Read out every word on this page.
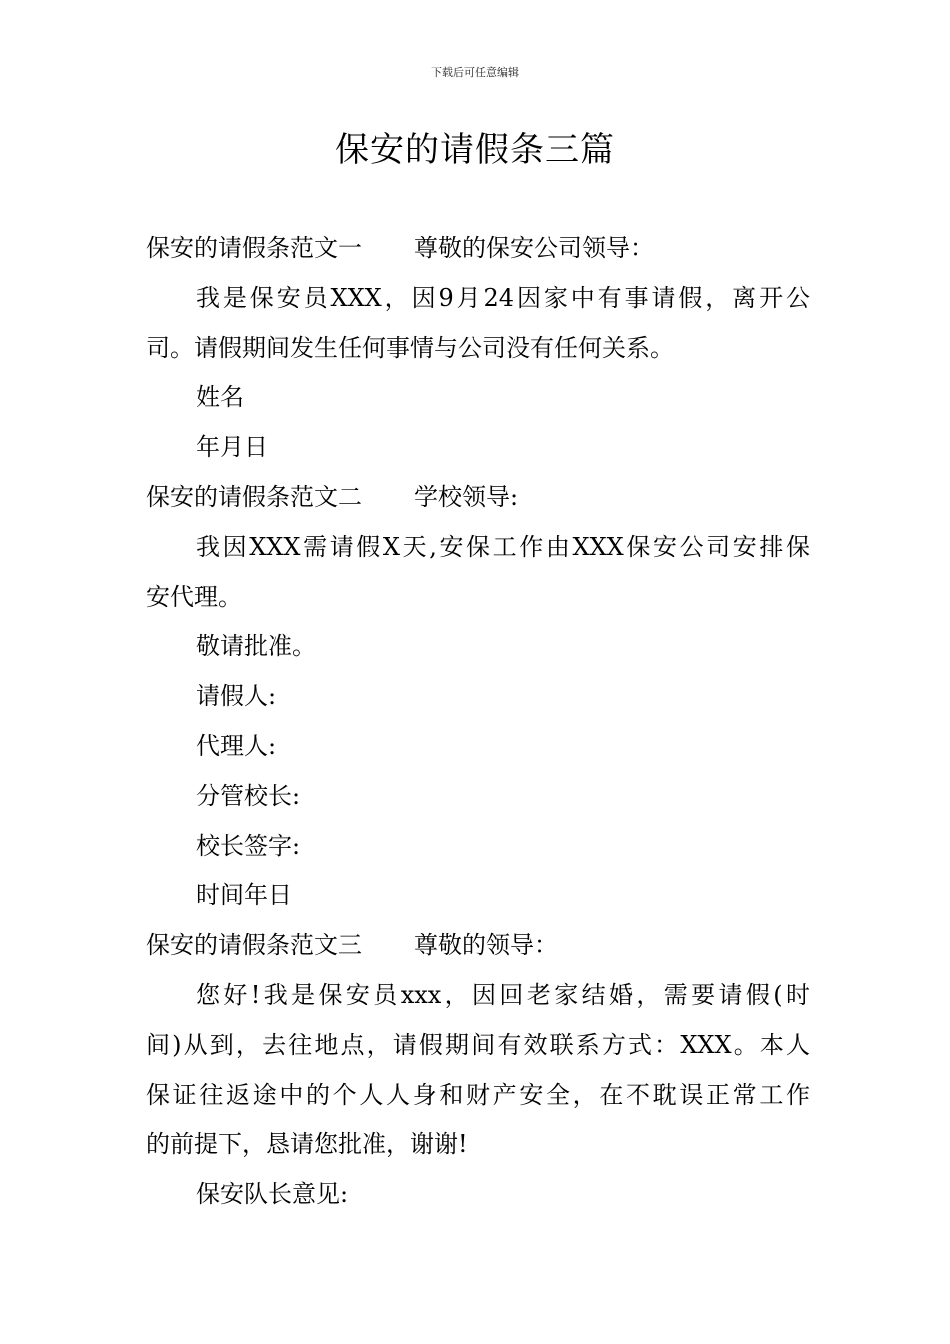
下载后可任意编辑
保安的请假条三篇
保安的请假条范文一 尊敬的保安公司领导：
我是保安员XXX，因9月24因家中有事请假，离开公
司。请假期间发生任何事情与公司没有任何关系。
姓名
年月日
保安的请假条范文二 学校领导:
我因XXX需请假X天,安保工作由XXX保安公司安排保
安代理。
敬请批准。
请假人:
代理人:
分管校长:
校长签字:
时间年日
保安的请假条范文三 尊敬的领导：
您好!我是保安员xxx，因回老家结婚，需要请假(时
间)从到，去往地点，请假期间有效联系方式：XXX。本人
保证往返途中的个人人身和财产安全，在不耽误正常工作
的前提下，恳请您批准，谢谢!
保安队长意见:
